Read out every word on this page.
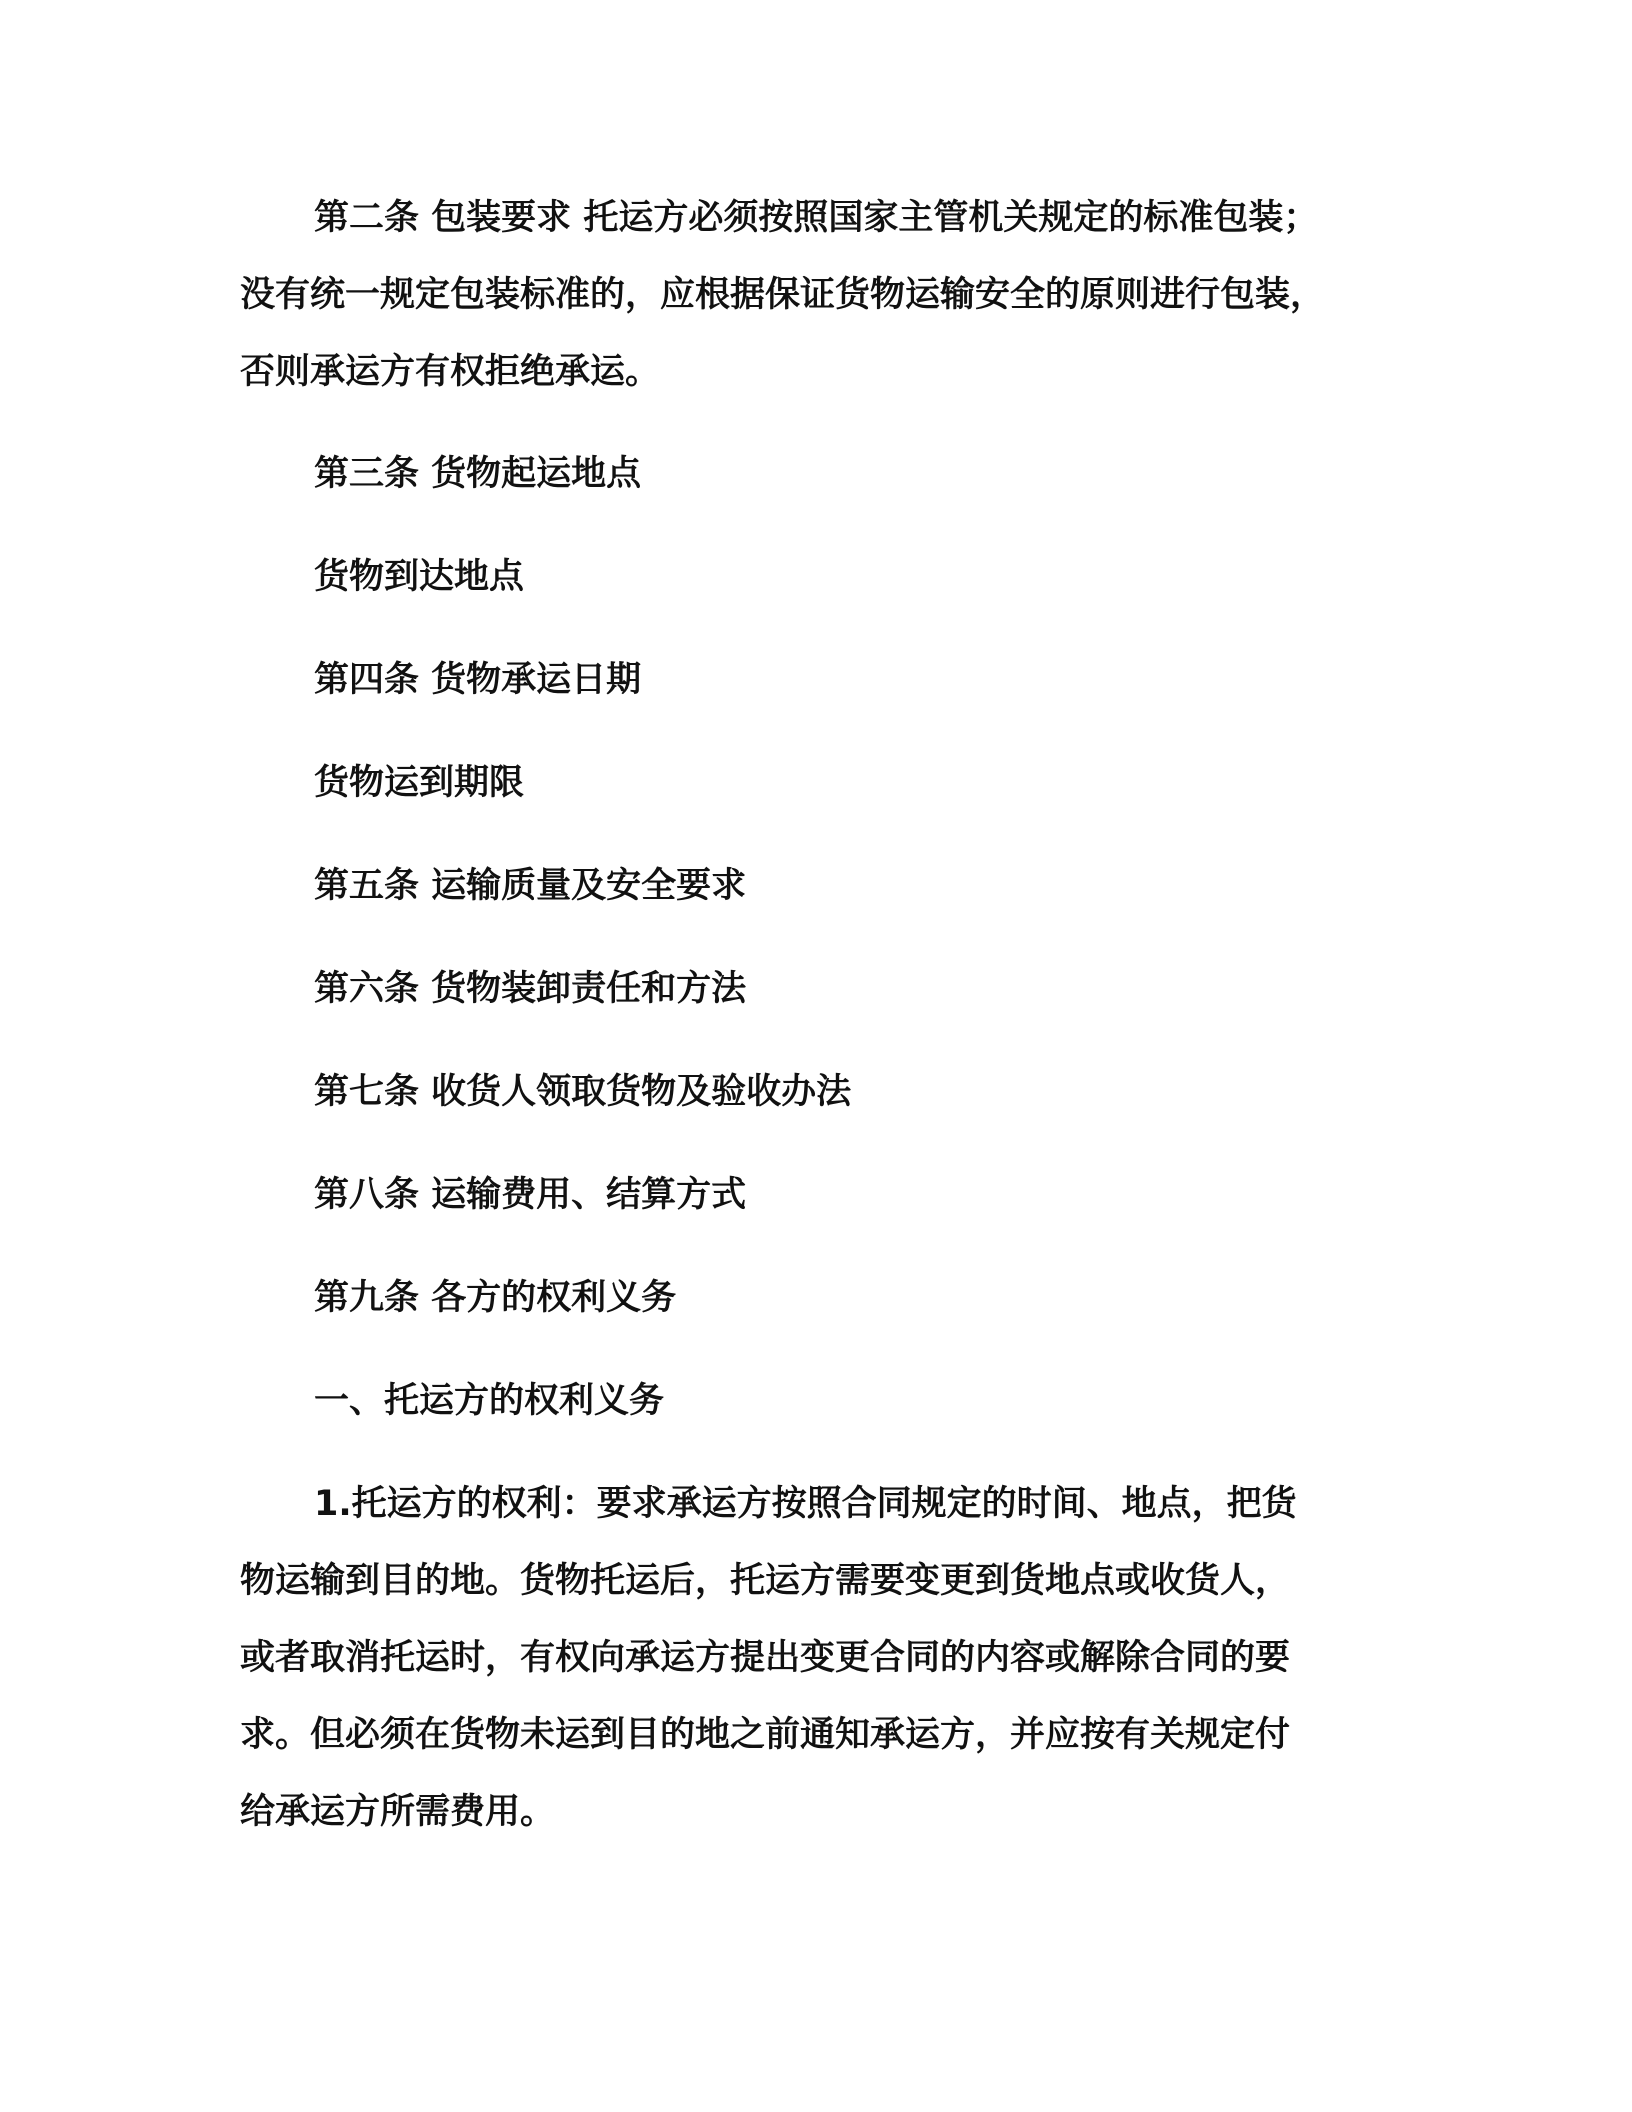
第二条 包装要求 托运方必须按照国家主管机关规定的标准包装；
没有统一规定包装标准的，应根据保证货物运输安全的原则进行包装，
否则承运方有权拒绝承运。
第三条 货物起运地点
货物到达地点
第四条 货物承运日期
货物运到期限
第五条 运输质量及安全要求
第六条 货物装卸责任和方法
第七条 收货人领取货物及验收办法
第八条 运输费用、结算方式
第九条 各方的权利义务
一、托运方的权利义务
1.托运方的权利：要求承运方按照合同规定的时间、地点，把货
物运输到目的地。货物托运后，托运方需要变更到货地点或收货人，
或者取消托运时，有权向承运方提出变更合同的内容或解除合同的要
求。但必须在货物未运到目的地之前通知承运方，并应按有关规定付
给承运方所需费用。
